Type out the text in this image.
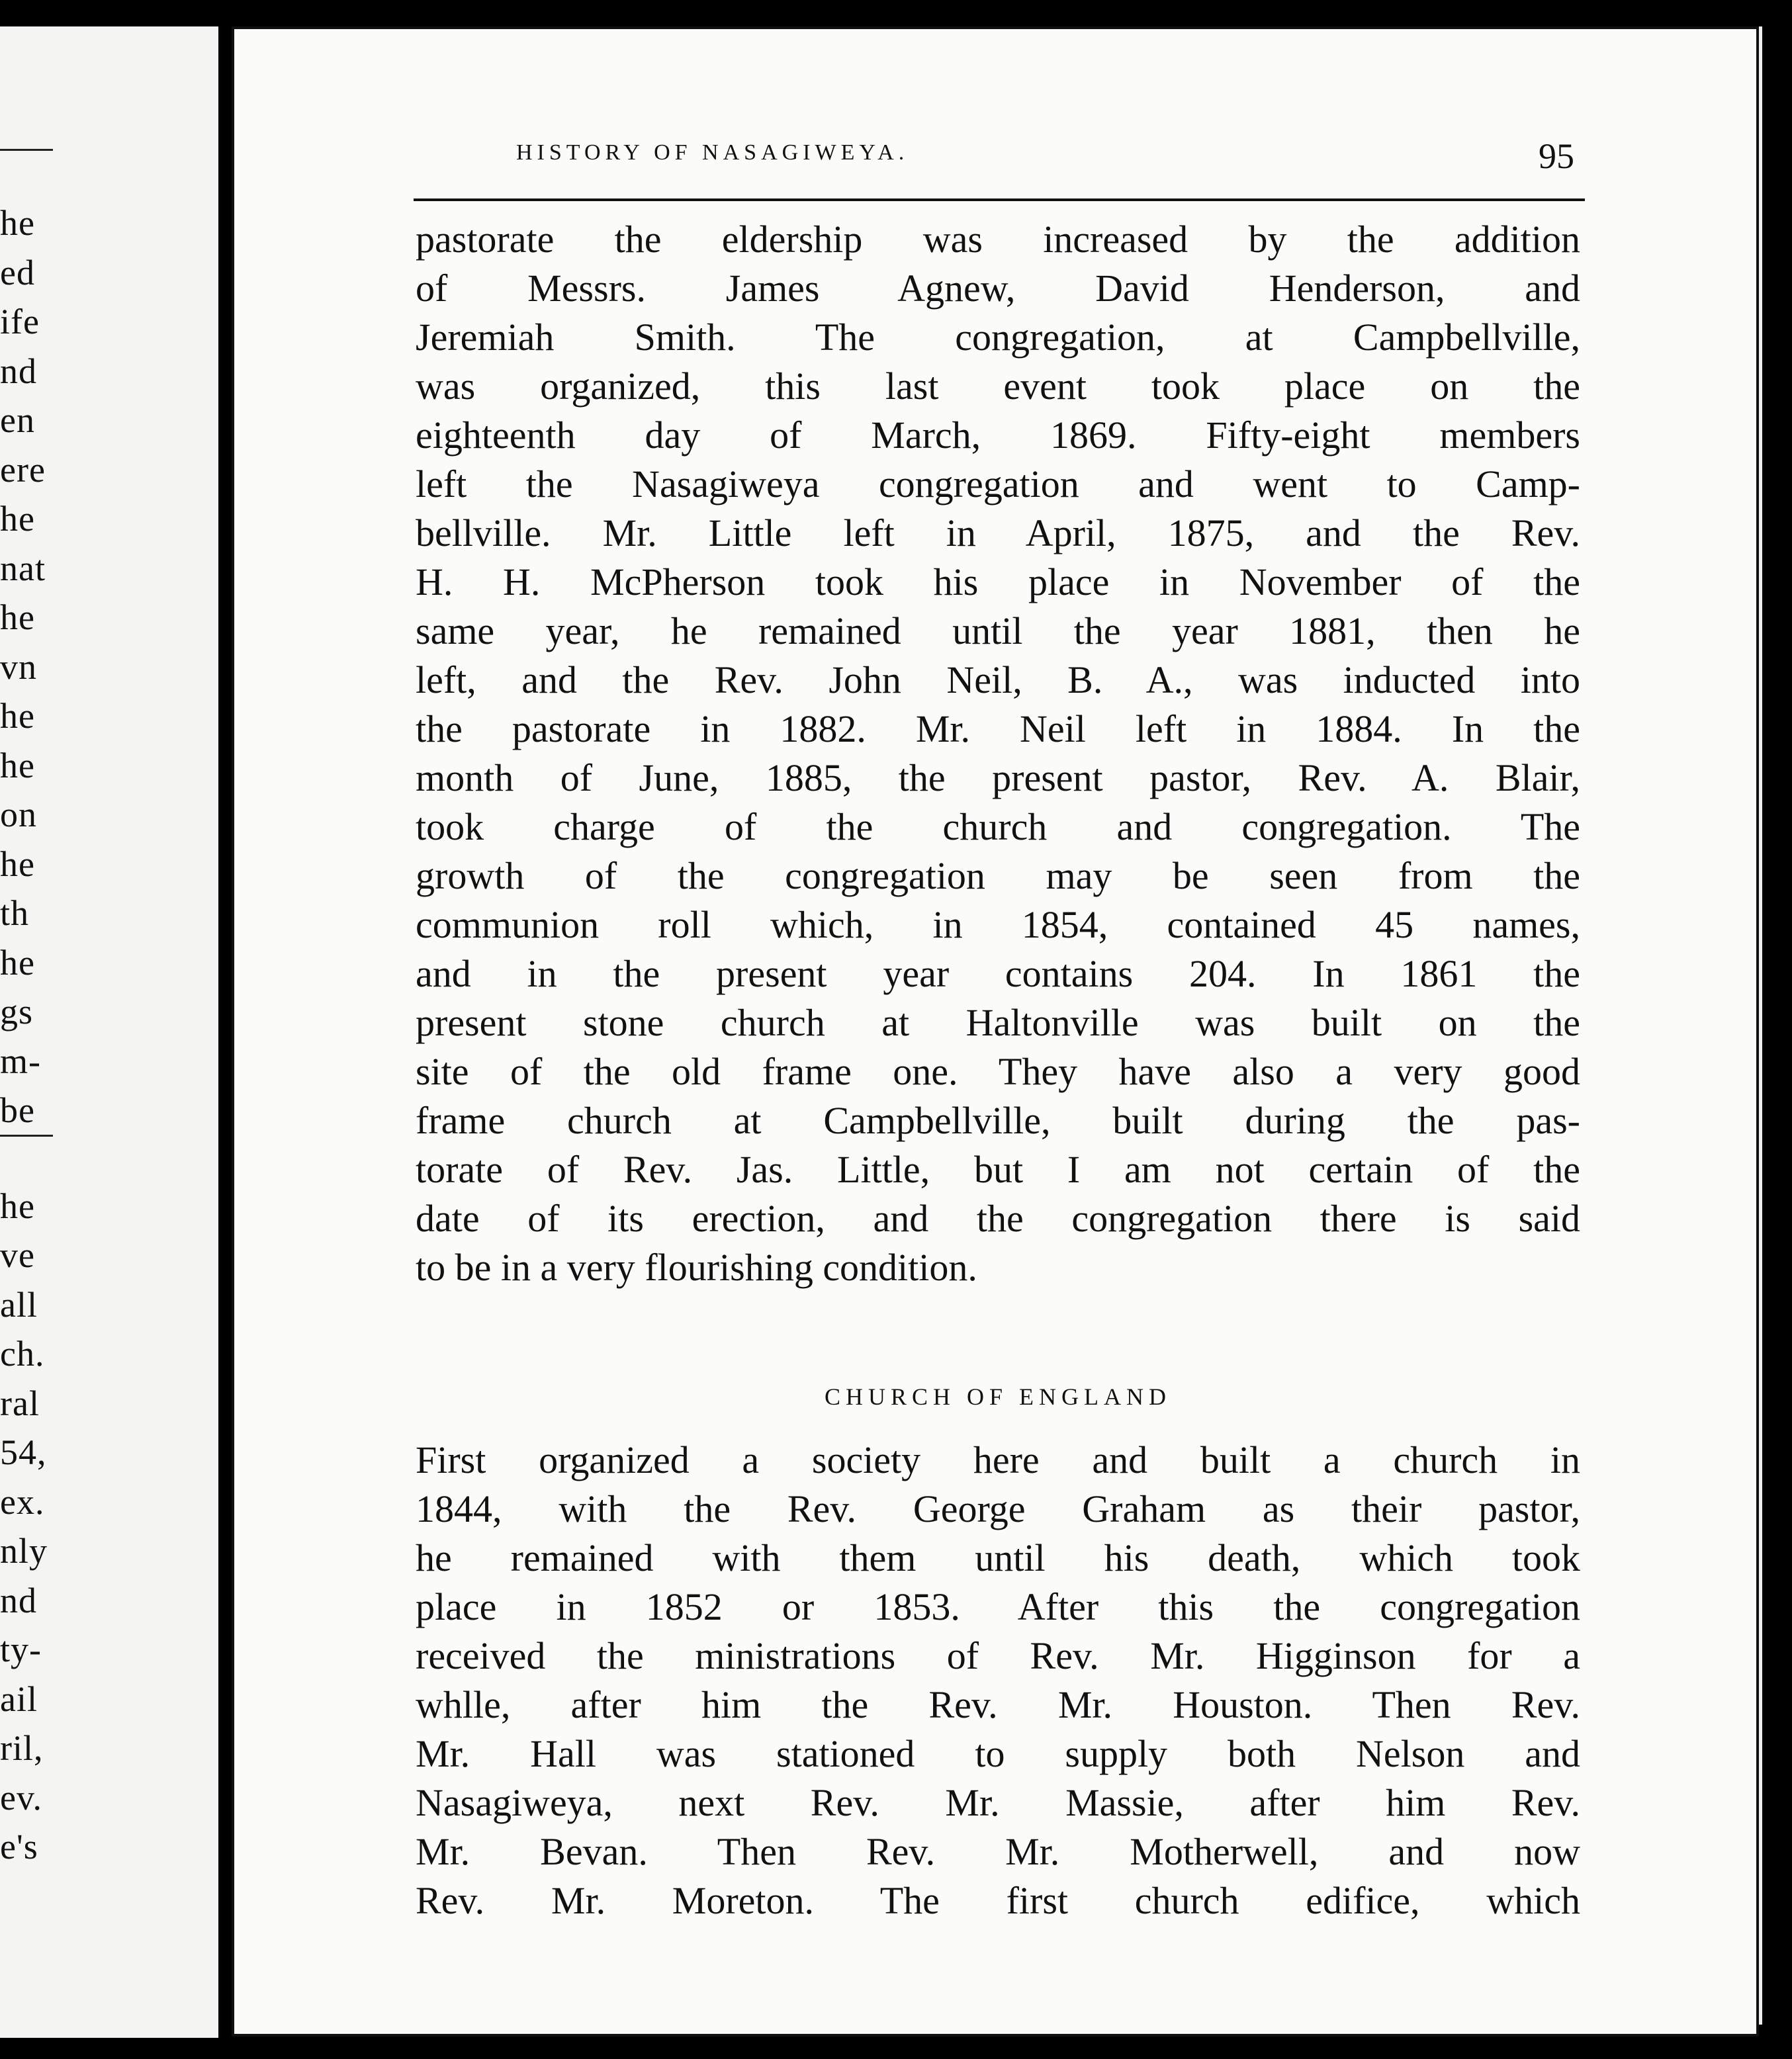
he
ed
ife
nd
en
ere
he
nat
he
vn
he
he
on
he
th
he
gs
m-
be
he
ve
all
ch.
ral
54,
ex.
nly
nd
ty-
ail
ril,
ev.
e's
HISTORY OF NASAGIWEYA.	95
pastorate the eldership was increased by the addition
of Messrs. James Agnew, David Henderson, and
Jeremiah Smith. The congregation, at Campbellville,
was organized, this last event took place on the
eighteenth day of March, 1869. Fifty-eight members
left the Nasagiweya congregation and went to Camp-
bellville. Mr. Little left in April, 1875, and the Rev.
H. H. McPherson took his place in November of the
same year, he remained until the year 1881, then he
left, and the Rev. John Neil, B. A., was inducted into
the pastorate in 1882. Mr. Neil left in 1884. In the
month of June, 1885, the present pastor, Rev. A. Blair,
took charge of the church and congregation. The
growth of the congregation may be seen from the
communion roll which, in 1854, contained 45 names,
and in the present year contains 204. In 1861 the
present stone church at Haltonville was built on the
site of the old frame one. They have also a very good
frame church at Campbellville, built during the pas-
torate of Rev. Jas. Little, but I am not certain of the
date of its erection, and the congregation there is said
to be in a very flourishing condition.
CHURCH OF ENGLAND
First organized a society here and built a church in
1844, with the Rev. George Graham as their pastor,
he remained with them until his death, which took
place in 1852 or 1853. After this the congregation
received the ministrations of Rev. Mr. Higginson for a
whlle, after him the Rev. Mr. Houston. Then Rev.
Mr. Hall was stationed to supply both Nelson and
Nasagiweya, next Rev. Mr. Massie, after him Rev.
Mr. Bevan. Then Rev. Mr. Motherwell, and now
Rev. Mr. Moreton. The first church edifice, which
